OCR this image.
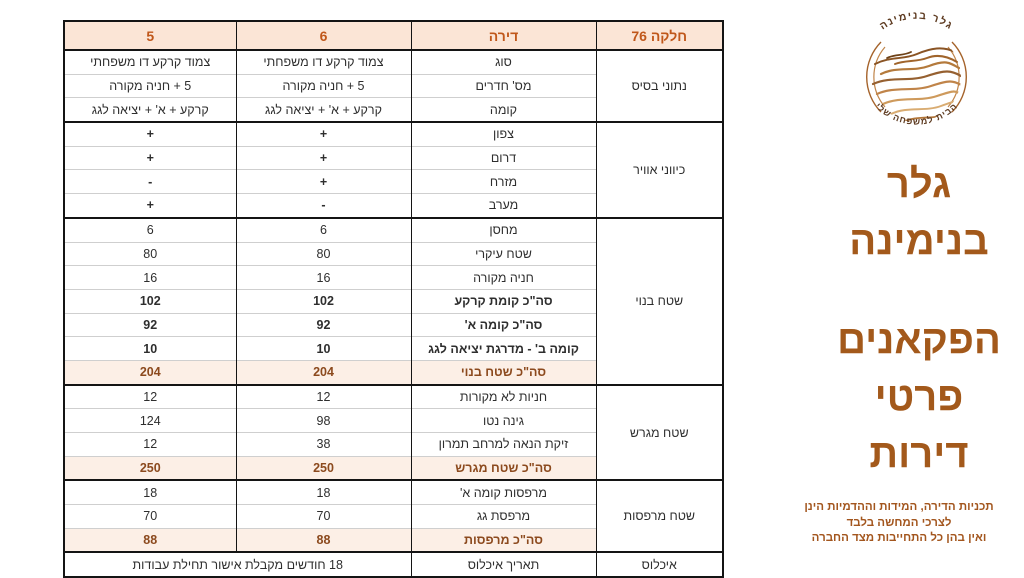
חלקה 76	דירה	6	5
נתוני בסיס	סוג	צמוד קרקע דו משפחתי	צמוד קרקע דו משפחתי
	מס' חדרים	5 + חניה מקורה	5 + חניה מקורה
	קומה	קרקע + א' + יציאה לגג	קרקע + א' + יציאה לגג
כיווני אוויר	צפון	+	+
	דרום	+	+
	מזרח	+	-
	מערב	-	+
שטח בנוי	מחסן	6	6
	שטח עיקרי	80	80
	חניה מקורה	16	16
	סה"כ קומת קרקע	102	102
	סה"כ קומה א'	92	92
	קומה ב' - מדרגת יציאה לגג	10	10
	סה"כ שטח בנוי	204	204
שטח מגרש	חניות לא מקורות	12	12
	גינה נטו	98	124
	זיקת הנאה למרחב תמרון	38	12
	סה"כ שטח מגרש	250	250
שטח מרפסות	מרפסות קומה א'	18	18
	מרפסת גג	70	70
	סה"כ מרפסות	88	88
איכלוס	תאריך איכלוס	18 חודשים מקבלת אישור תחילת עבודות	
גלר בנימינה
הבית למשפחה שלי
גלר
בנימינה
הפקאנים
פרטי
דירות
תכניות הדירה, המידות וההדמיות הינן
לצרכי המחשה בלבד
ואין בהן כל התחייבות מצד החברה
